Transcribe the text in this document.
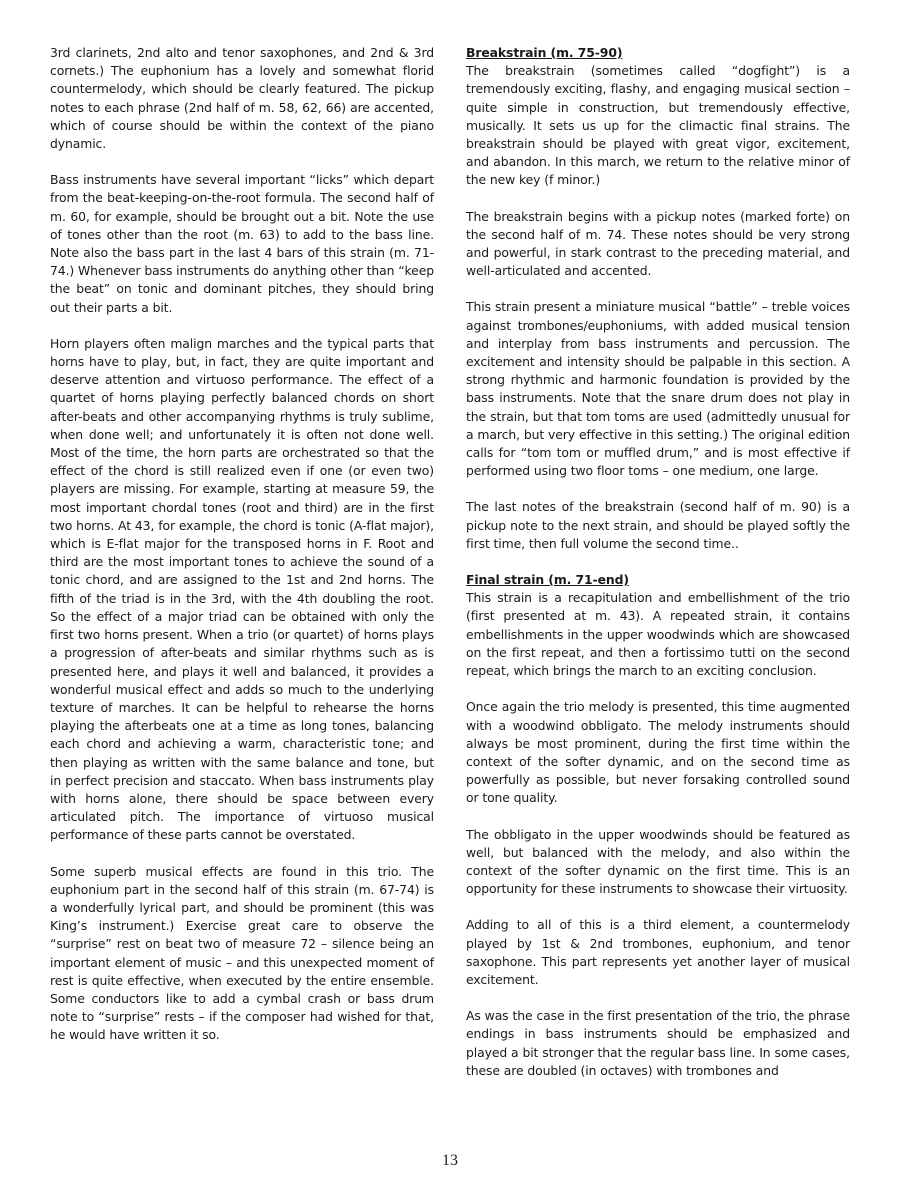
3rd clarinets, 2nd alto and tenor saxophones, and 2nd & 3rd cornets.) The euphonium has a lovely and somewhat florid countermelody, which should be clearly featured. The pickup notes to each phrase (2nd half of m. 58, 62, 66) are accented, which of course should be within the context of the piano dynamic.

Bass instruments have several important “licks” which depart from the beat-keeping-on-the-root formula. The second half of m. 60, for example, should be brought out a bit. Note the use of tones other than the root (m. 63) to add to the bass line. Note also the bass part in the last 4 bars of this strain (m. 71-74.) Whenever bass instruments do anything other than “keep the beat” on tonic and dominant pitches, they should bring out their parts a bit.

Horn players often malign marches and the typical parts that horns have to play, but, in fact, they are quite important and deserve attention and virtuoso performance. The effect of a quartet of horns playing perfectly balanced chords on short after-beats and other accompanying rhythms is truly sublime, when done well; and unfortunately it is often not done well. Most of the time, the horn parts are orchestrated so that the effect of the chord is still realized even if one (or even two) players are missing. For example, starting at measure 59, the most important chordal tones (root and third) are in the first two horns. At 43, for example, the chord is tonic (A-flat major), which is E-flat major for the transposed horns in F. Root and third are the most important tones to achieve the sound of a tonic chord, and are assigned to the 1st and 2nd horns. The fifth of the triad is in the 3rd, with the 4th doubling the root. So the effect of a major triad can be obtained with only the first two horns present. When a trio (or quartet) of horns plays a progression of after-beats and similar rhythms such as is presented here, and plays it well and balanced, it provides a wonderful musical effect and adds so much to the underlying texture of marches. It can be helpful to rehearse the horns playing the afterbeats one at a time as long tones, balancing each chord and achieving a warm, characteristic tone; and then playing as written with the same balance and tone, but in perfect precision and staccato. When bass instruments play with horns alone, there should be space between every articulated pitch. The importance of virtuoso musical performance of these parts cannot be overstated.

Some superb musical effects are found in this trio. The euphonium part in the second half of this strain (m. 67-74) is a wonderfully lyrical part, and should be prominent (this was King’s instrument.) Exercise great care to observe the “surprise” rest on beat two of measure 72 – silence being an important element of music – and this unexpected moment of rest is quite effective, when executed by the entire ensemble. Some conductors like to add a cymbal crash or bass drum note to “surprise” rests – if the composer had wished for that, he would have written it so.

Breakstrain (m. 75-90)
The breakstrain (sometimes called “dogfight”) is a tremendously exciting, flashy, and engaging musical section – quite simple in construction, but tremendously effective, musically. It sets us up for the climactic final strains. The breakstrain should be played with great vigor, excitement, and abandon. In this march, we return to the relative minor of the new key (f minor.)

The breakstrain begins with a pickup notes (marked forte) on the second half of m. 74. These notes should be very strong and powerful, in stark contrast to the preceding material, and well-articulated and accented.

This strain present a miniature musical “battle” – treble voices against trombones/euphoniums, with added musical tension and interplay from bass instruments and percussion. The excitement and intensity should be palpable in this section. A strong rhythmic and harmonic foundation is provided by the bass instruments. Note that the snare drum does not play in the strain, but that tom toms are used (admittedly unusual for a march, but very effective in this setting.) The original edition calls for “tom tom or muffled drum,” and is most effective if performed using two floor toms – one medium, one large.

The last notes of the breakstrain (second half of m. 90) is a pickup note to the next strain, and should be played softly the first time, then full volume the second time..

Final strain (m. 71-end)
This strain is a recapitulation and embellishment of the trio (first presented at m. 43). A repeated strain, it contains embellishments in the upper woodwinds which are showcased on the first repeat, and then a fortissimo tutti on the second repeat, which brings the march to an exciting conclusion.

Once again the trio melody is presented, this time augmented with a woodwind obbligato. The melody instruments should always be most prominent, during the first time within the context of the softer dynamic, and on the second time as powerfully as possible, but never forsaking controlled sound or tone quality.

The obbligato in the upper woodwinds should be featured as well, but balanced with the melody, and also within the context of the softer dynamic on the first time. This is an opportunity for these instruments to showcase their virtuosity.

Adding to all of this is a third element, a countermelody played by 1st & 2nd trombones, euphonium, and tenor saxophone. This part represents yet another layer of musical excitement.

As was the case in the first presentation of the trio, the phrase endings in bass instruments should be emphasized and played a bit stronger that the regular bass line. In some cases, these are doubled (in octaves) with trombones and

13
